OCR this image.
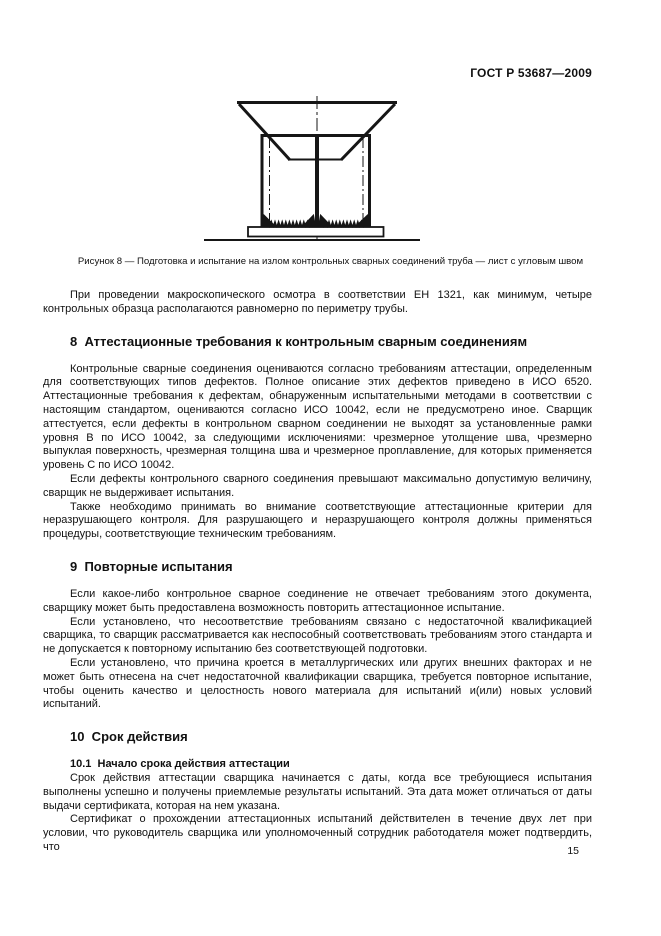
ГОСТ Р 53687—2009
Рисунок 8 — Подготовка и испытание на излом контрольных сварных соединений труба — лист с угловым швом

При проведении макроскопического осмотра в соответствии ЕН 1321, как минимум, четыре контрольных образца располагаются равномерно по периметру трубы.

8  Аттестационные требования к контрольным сварным соединениям

Контрольные сварные соединения оцениваются согласно требованиям аттестации, определенным для соответствующих типов дефектов. Полное описание этих дефектов приведено в ИСО 6520. Аттестационные требования к дефектам, обнаруженным испытательными методами в соответствии с настоящим стандартом, оцениваются согласно ИСО 10042, если не предусмотрено иное. Сварщик аттестуется, если дефекты в контрольном сварном соединении не выходят за установленные рамки уровня В по ИСО 10042, за следующими исключениями: чрезмерное утолщение шва, чрезмерно выпуклая поверхность, чрезмерная толщина шва и чрезмерное проплавление, для которых применяется уровень С по ИСО 10042.

Если дефекты контрольного сварного соединения превышают максимально допустимую величину, сварщик не выдерживает испытания.

Также необходимо принимать во внимание соответствующие аттестационные критерии для неразрушающего контроля. Для разрушающего и неразрушающего контроля должны применяться процедуры, соответствующие техническим требованиям.

9  Повторные испытания

Если какое-либо контрольное сварное соединение не отвечает требованиям этого документа, сварщику может быть предоставлена возможность повторить аттестационное испытание.

Если установлено, что несоответствие требованиям связано с недостаточной квалификацией сварщика, то сварщик рассматривается как неспособный соответствовать требованиям этого стандарта и не допускается к повторному испытанию без соответствующей подготовки.

Если установлено, что причина кроется в металлургических или других внешних факторах и не может быть отнесена на счет недостаточной квалификации сварщика, требуется повторное испытание, чтобы оценить качество и целостность нового материала для испытаний и(или) новых условий испытаний.

10  Срок действия
10.1  Начало срока действия аттестации

Срок действия аттестации сварщика начинается с даты, когда все требующиеся испытания выполнены успешно и получены приемлемые результаты испытаний. Эта дата может отличаться от даты выдачи сертификата, которая на нем указана.

Сертификат о прохождении аттестационных испытаний действителен в течение двух лет при условии, что руководитель сварщика или уполномоченный сотрудник работодателя может подтвердить, что	15
